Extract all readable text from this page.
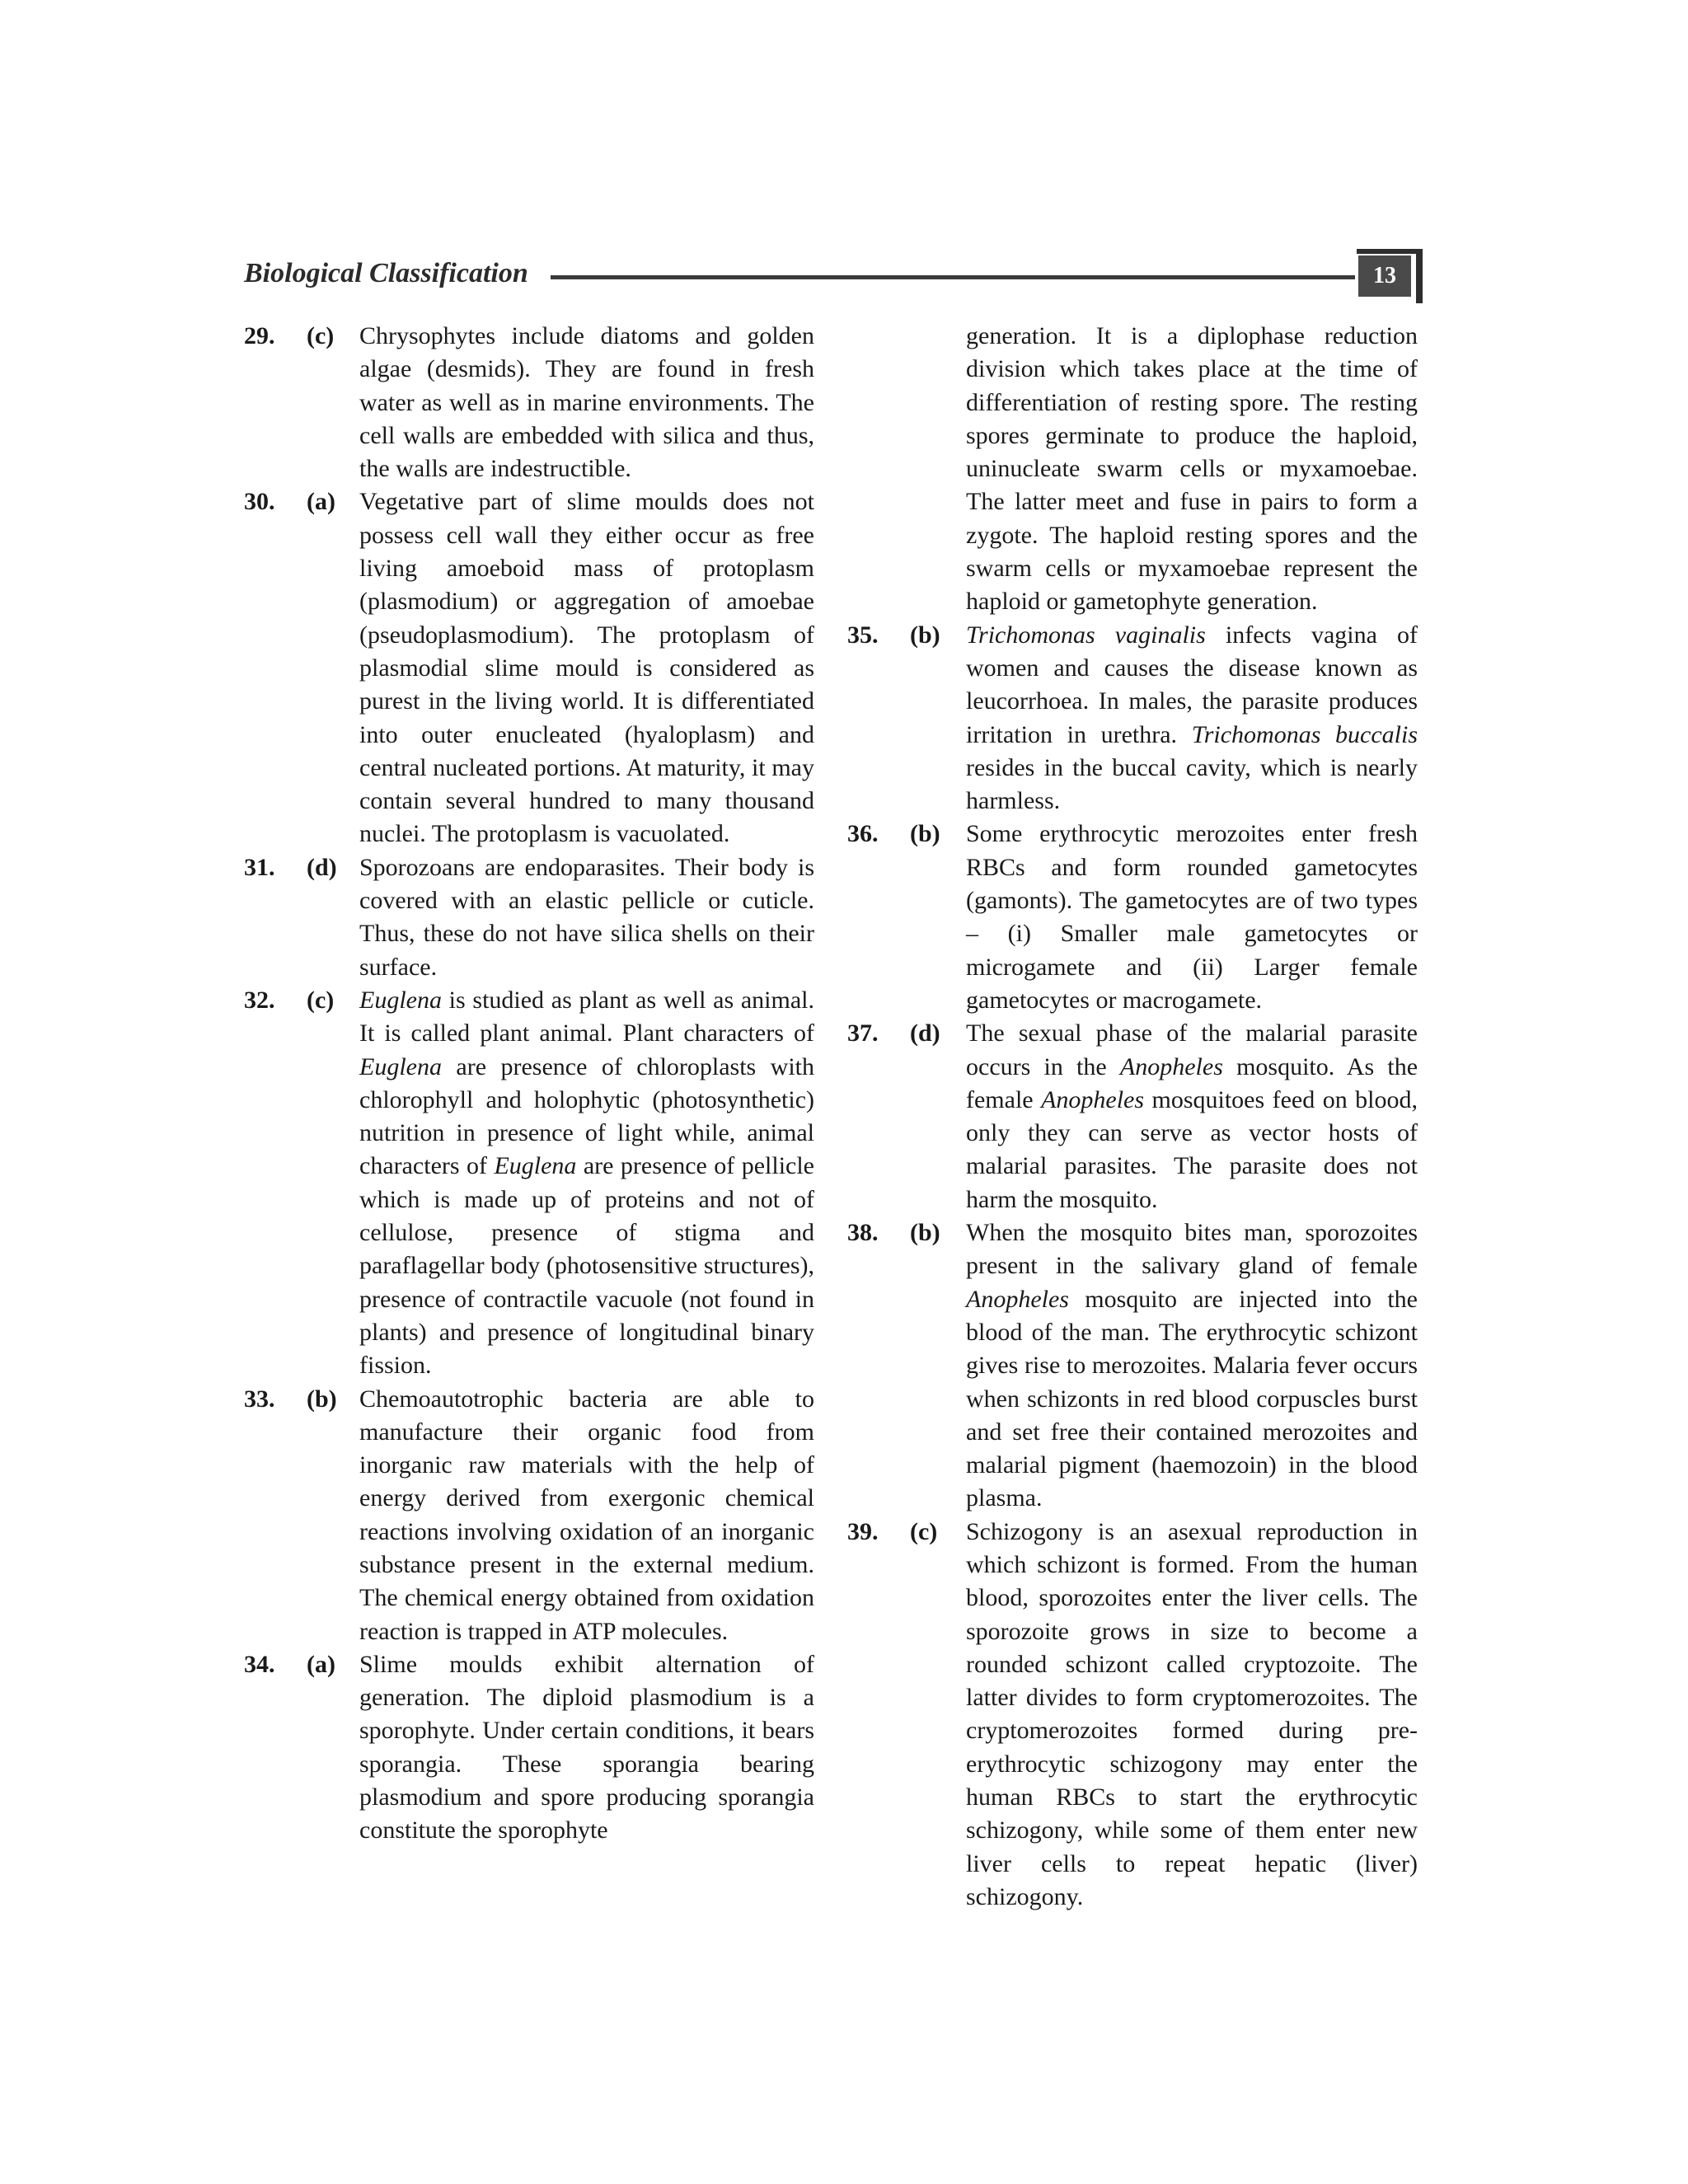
Biological Classification	13
29. (c) Chrysophytes include diatoms and golden algae (desmids). They are found in fresh water as well as in marine environments. The cell walls are embedded with silica and thus, the walls are indestructible.
30. (a) Vegetative part of slime moulds does not possess cell wall they either occur as free living amoeboid mass of protoplasm (plasmodium) or aggregation of amoebae (pseudoplasmodium). The protoplasm of plasmodial slime mould is considered as purest in the living world. It is differentiated into outer enucleated (hyaloplasm) and central nucleated portions. At maturity, it may contain several hundred to many thousand nuclei. The protoplasm is vacuolated.
31. (d) Sporozoans are endoparasites. Their body is covered with an elastic pellicle or cuticle. Thus, these do not have silica shells on their surface.
32. (c) Euglena is studied as plant as well as animal. It is called plant animal. Plant characters of Euglena are presence of chloroplasts with chlorophyll and holophytic (photosynthetic) nutrition in presence of light while, animal characters of Euglena are presence of pellicle which is made up of proteins and not of cellulose, presence of stigma and paraflagellar body (photosensitive structures), presence of contractile vacuole (not found in plants) and presence of longitudinal binary fission.
33. (b) Chemoautotrophic bacteria are able to manufacture their organic food from inorganic raw materials with the help of energy derived from exergonic chemical reactions involving oxidation of an inorganic substance present in the external medium. The chemical energy obtained from oxidation reaction is trapped in ATP molecules.
34. (a) Slime moulds exhibit alternation of generation. The diploid plasmodium is a sporophyte. Under certain conditions, it bears sporangia. These sporangia bearing plasmodium and spore producing sporangia constitute the sporophyte
generation. It is a diplophase reduction division which takes place at the time of differentiation of resting spore. The resting spores germinate to produce the haploid, uninucleate swarm cells or myxamoebae. The latter meet and fuse in pairs to form a zygote. The haploid resting spores and the swarm cells or myxamoebae represent the haploid or gametophyte generation.
35. (b) Trichomonas vaginalis infects vagina of women and causes the disease known as leucorrhoea. In males, the parasite produces irritation in urethra. Trichomonas buccalis resides in the buccal cavity, which is nearly harmless.
36. (b) Some erythrocytic merozoites enter fresh RBCs and form rounded gametocytes (gamonts). The gametocytes are of two types – (i) Smaller male gametocytes or microgamete and (ii) Larger female gametocytes or macrogamete.
37. (d) The sexual phase of the malarial parasite occurs in the Anopheles mosquito. As the female Anopheles mosquitoes feed on blood, only they can serve as vector hosts of malarial parasites. The parasite does not harm the mosquito.
38. (b) When the mosquito bites man, sporozoites present in the salivary gland of female Anopheles mosquito are injected into the blood of the man. The erythrocytic schizont gives rise to merozoites. Malaria fever occurs when schizonts in red blood corpuscles burst and set free their contained merozoites and malarial pigment (haemozoin) in the blood plasma.
39. (c) Schizogony is an asexual reproduction in which schizont is formed. From the human blood, sporozoites enter the liver cells. The sporozoite grows in size to become a rounded schizont called cryptozoite. The latter divides to form cryptomerozoites. The cryptomerozoites formed during pre-erythrocytic schizogony may enter the human RBCs to start the erythrocytic schizogony, while some of them enter new liver cells to repeat hepatic (liver) schizogony.
